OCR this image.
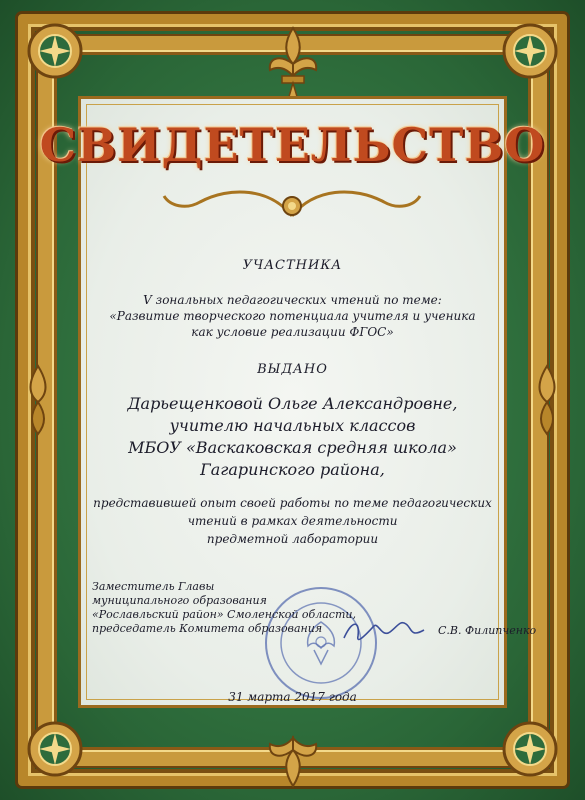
СВИДЕТЕЛЬСТВО
УЧАСТНИКА
V зональных педагогических чтений по теме:
«Развитие творческого потенциала учителя и ученика
как условие реализации ФГОС»
ВЫДАНО
Дарьещенковой Ольге Александровне,
учителю начальных классов
МБОУ «Васкаковская средняя школа»
Гагаринского района,
представившей опыт своей работы по теме педагогических
чтений в рамках деятельности
предметной лаборатории
Заместитель Главы
муниципального образования
«Рославльский район» Смоленской области,
председатель Комитета образования	С.В. Филипченко
31 марта 2017 года
